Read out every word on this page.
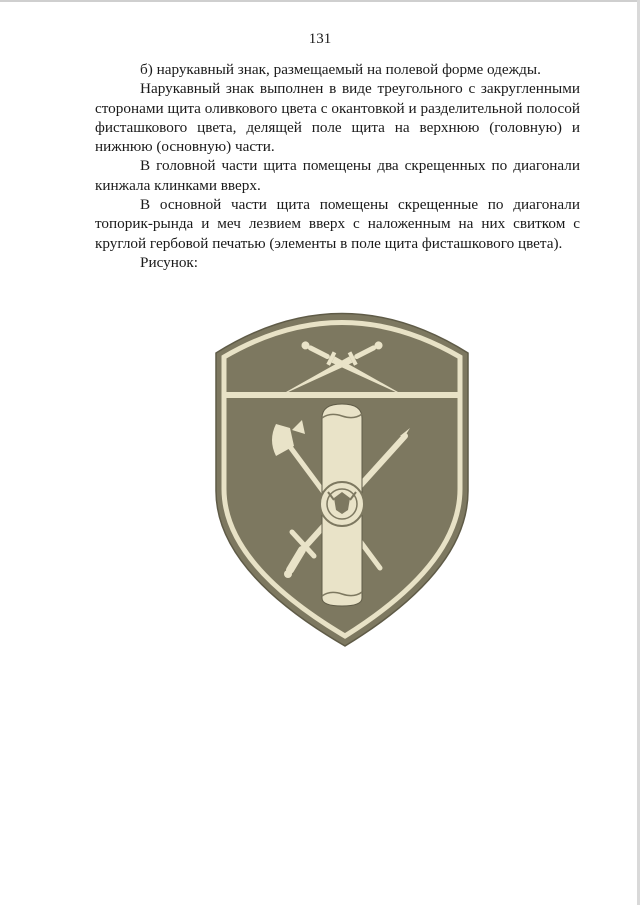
131

б) нарукавный знак, размещаемый на полевой форме одежды.

Нарукавный знак выполнен в виде треугольного с закругленными сторонами щита оливкового цвета с окантовкой и разделительной полосой фисташкового цвета, делящей поле щита на верхнюю (головную) и нижнюю (основную) части.

В головной части щита помещены два скрещенных по диагонали кинжала клинками вверх.

В основной части щита помещены скрещенные по диагонали топорик-рында и меч лезвием вверх с наложенным на них свитком с круглой гербовой печатью (элементы в поле щита фисташкового цвета).

Рисунок:
